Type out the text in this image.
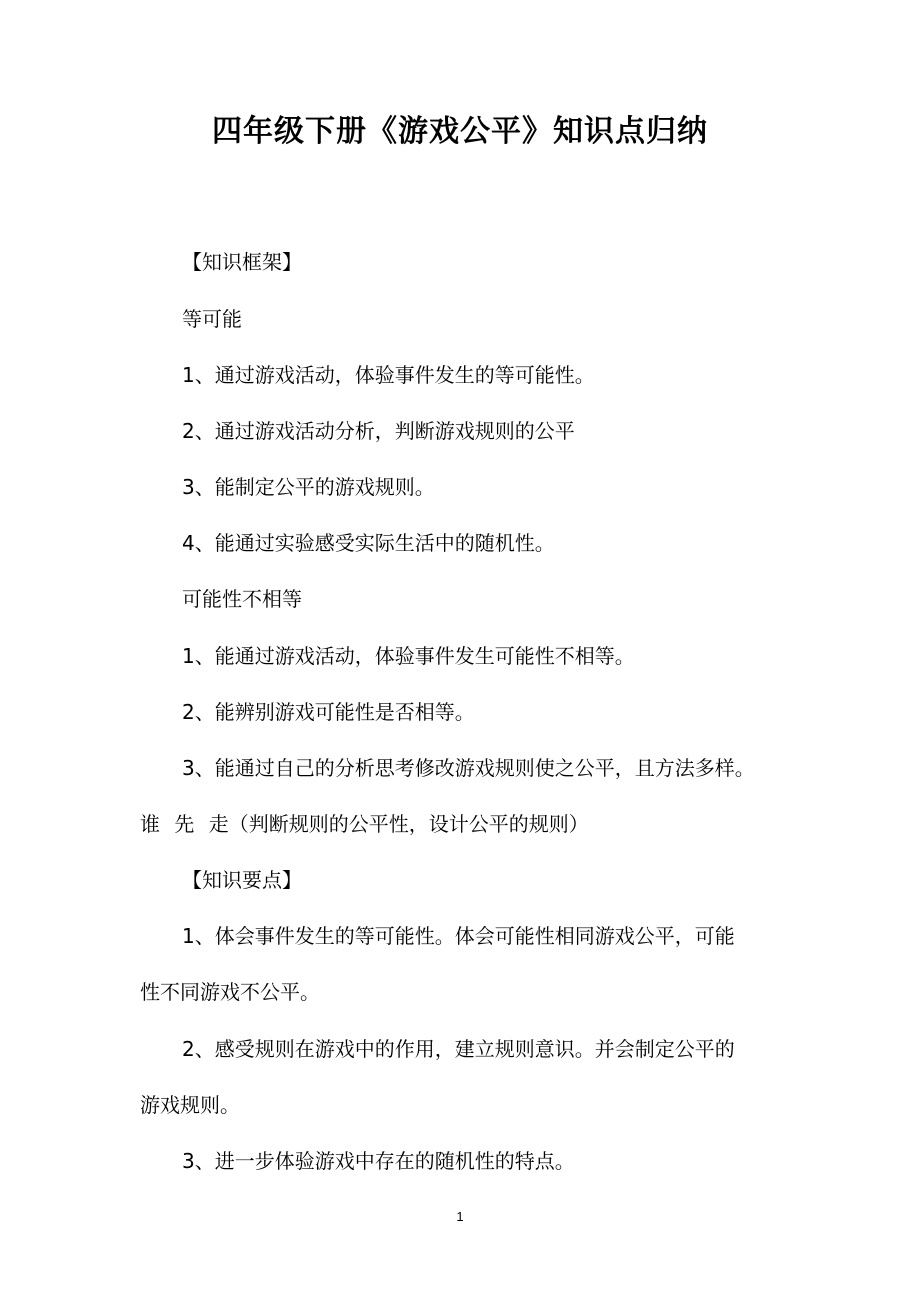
四年级下册《游戏公平》知识点归纳
【知识框架】
等可能
1、通过游戏活动，体验事件发生的等可能性。
2、通过游戏活动分析，判断游戏规则的公平
3、能制定公平的游戏规则。
4、能通过实验感受实际生活中的随机性。
可能性不相等
1、能通过游戏活动，体验事件发生可能性不相等。
2、能辨别游戏可能性是否相等。
3、能通过自己的分析思考修改游戏规则使之公平，且方法多样。
谁 先 走（判断规则的公平性，设计公平的规则）
【知识要点】
1、体会事件发生的等可能性。体会可能性相同游戏公平，可能
性不同游戏不公平。
2、感受规则在游戏中的作用，建立规则意识。并会制定公平的
游戏规则。
3、进一步体验游戏中存在的随机性的特点。
1
